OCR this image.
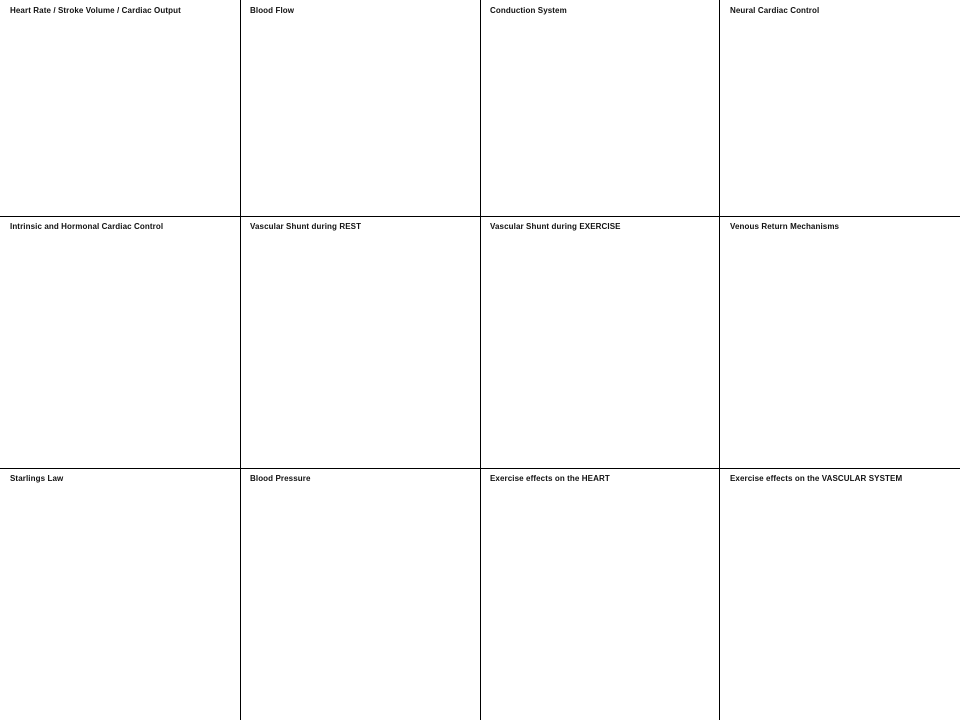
Heart Rate / Stroke Volume / Cardiac Output	Blood Flow	Conduction System	Neural Cardiac Control
Intrinsic and Hormonal Cardiac Control	Vascular Shunt during REST	Vascular Shunt during EXERCISE	Venous Return Mechanisms
Starlings Law	Blood Pressure	Exercise effects on the HEART	Exercise effects on the VASCULAR SYSTEM
